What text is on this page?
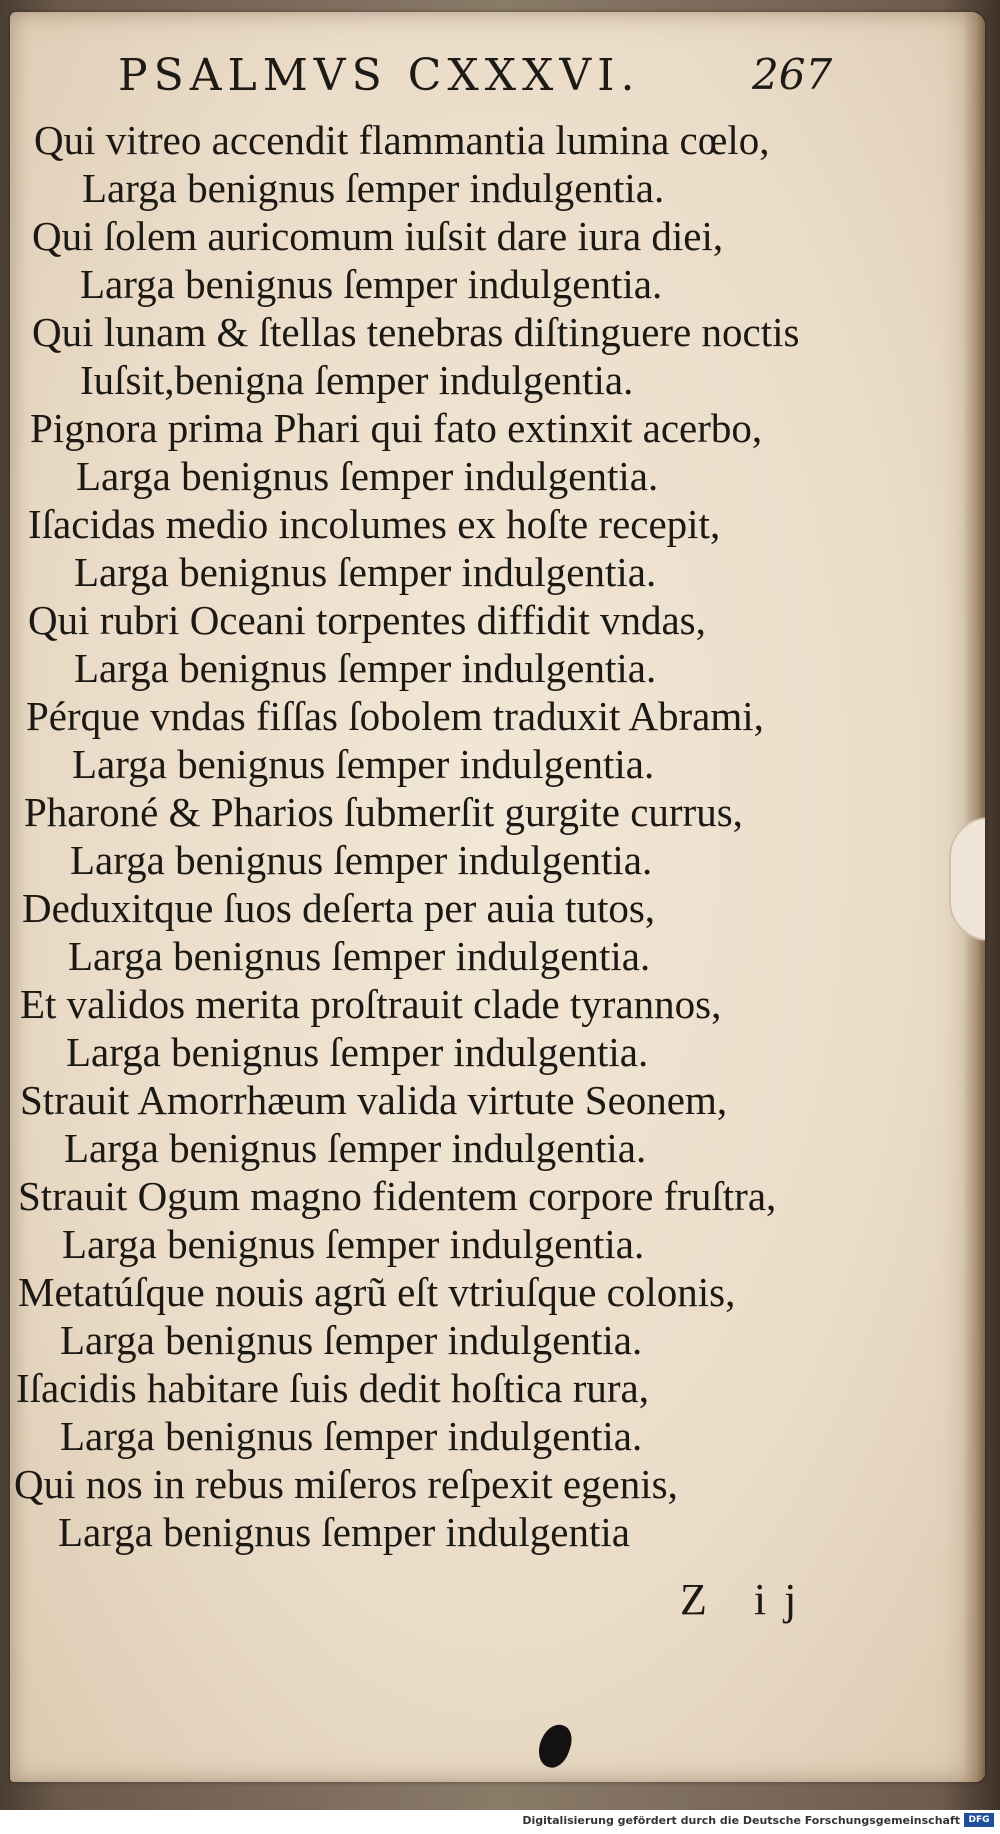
PSALMVS CXXXVI.	267
Qui vitreo accendit flammantia lumina cœlo,
Larga benignus ſemper indulgentia.
Qui ſolem auricomum iuſsit dare iura diei,
Larga benignus ſemper indulgentia.
Qui lunam & ſtellas tenebras diſtinguere noctis
Iuſsit,benigna ſemper indulgentia.
Pignora prima Phari qui fato extinxit acerbo,
Larga benignus ſemper indulgentia.
Iſacidas medio incolumes ex hoſte recepit,
Larga benignus ſemper indulgentia.
Qui rubri Oceani torpentes diffidit vndas,
Larga benignus ſemper indulgentia.
Pérque vndas fiſſas ſobolem traduxit Abrami,
Larga benignus ſemper indulgentia.
Pharoné & Pharios ſubmerſit gurgite currus,
Larga benignus ſemper indulgentia.
Deduxitque ſuos deſerta per auia tutos,
Larga benignus ſemper indulgentia.
Et validos merita proſtrauit clade tyrannos,
Larga benignus ſemper indulgentia.
Strauit Amorrhæum valida virtute Seonem,
Larga benignus ſemper indulgentia.
Strauit Ogum magno fidentem corpore fruſtra,
Larga benignus ſemper indulgentia.
Metatúſque nouis agrũ eſt vtriuſque colonis,
Larga benignus ſemper indulgentia.
Iſacidis habitare ſuis dedit hoſtica rura,
Larga benignus ſemper indulgentia.
Qui nos in rebus miſeros reſpexit egenis,
Larga benignus ſemper indulgentia
Z ij
Digitalisierung gefördert durch die Deutsche Forschungsgemeinschaft DFG
